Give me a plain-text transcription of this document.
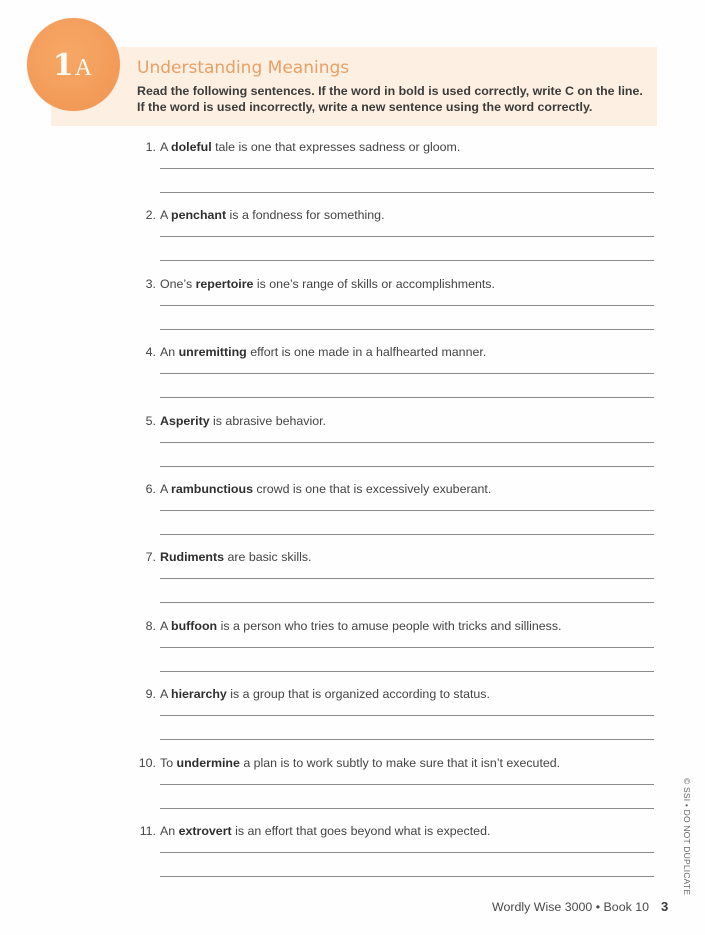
1 A	Understanding Meanings
Read the following sentences. If the word in bold is used correctly, write C on the line. If the word is used incorrectly, write a new sentence using the word correctly.
1. A doleful tale is one that expresses sadness or gloom.
2. A penchant is a fondness for something.
3. One’s repertoire is one’s range of skills or accomplishments.
4. An unremitting effort is one made in a halfhearted manner.
5. Asperity is abrasive behavior.
6. A rambunctious crowd is one that is excessively exuberant.
7. Rudiments are basic skills.
8. A buffoon is a person who tries to amuse people with tricks and silliness.
9. A hierarchy is a group that is organized according to status.
10. To undermine a plan is to work subtly to make sure that it isn’t executed.
11. An extrovert is an effort that goes beyond what is expected.	© SSI • DO NOT DUPLICATE
Wordly Wise 3000 • Book 10 3
